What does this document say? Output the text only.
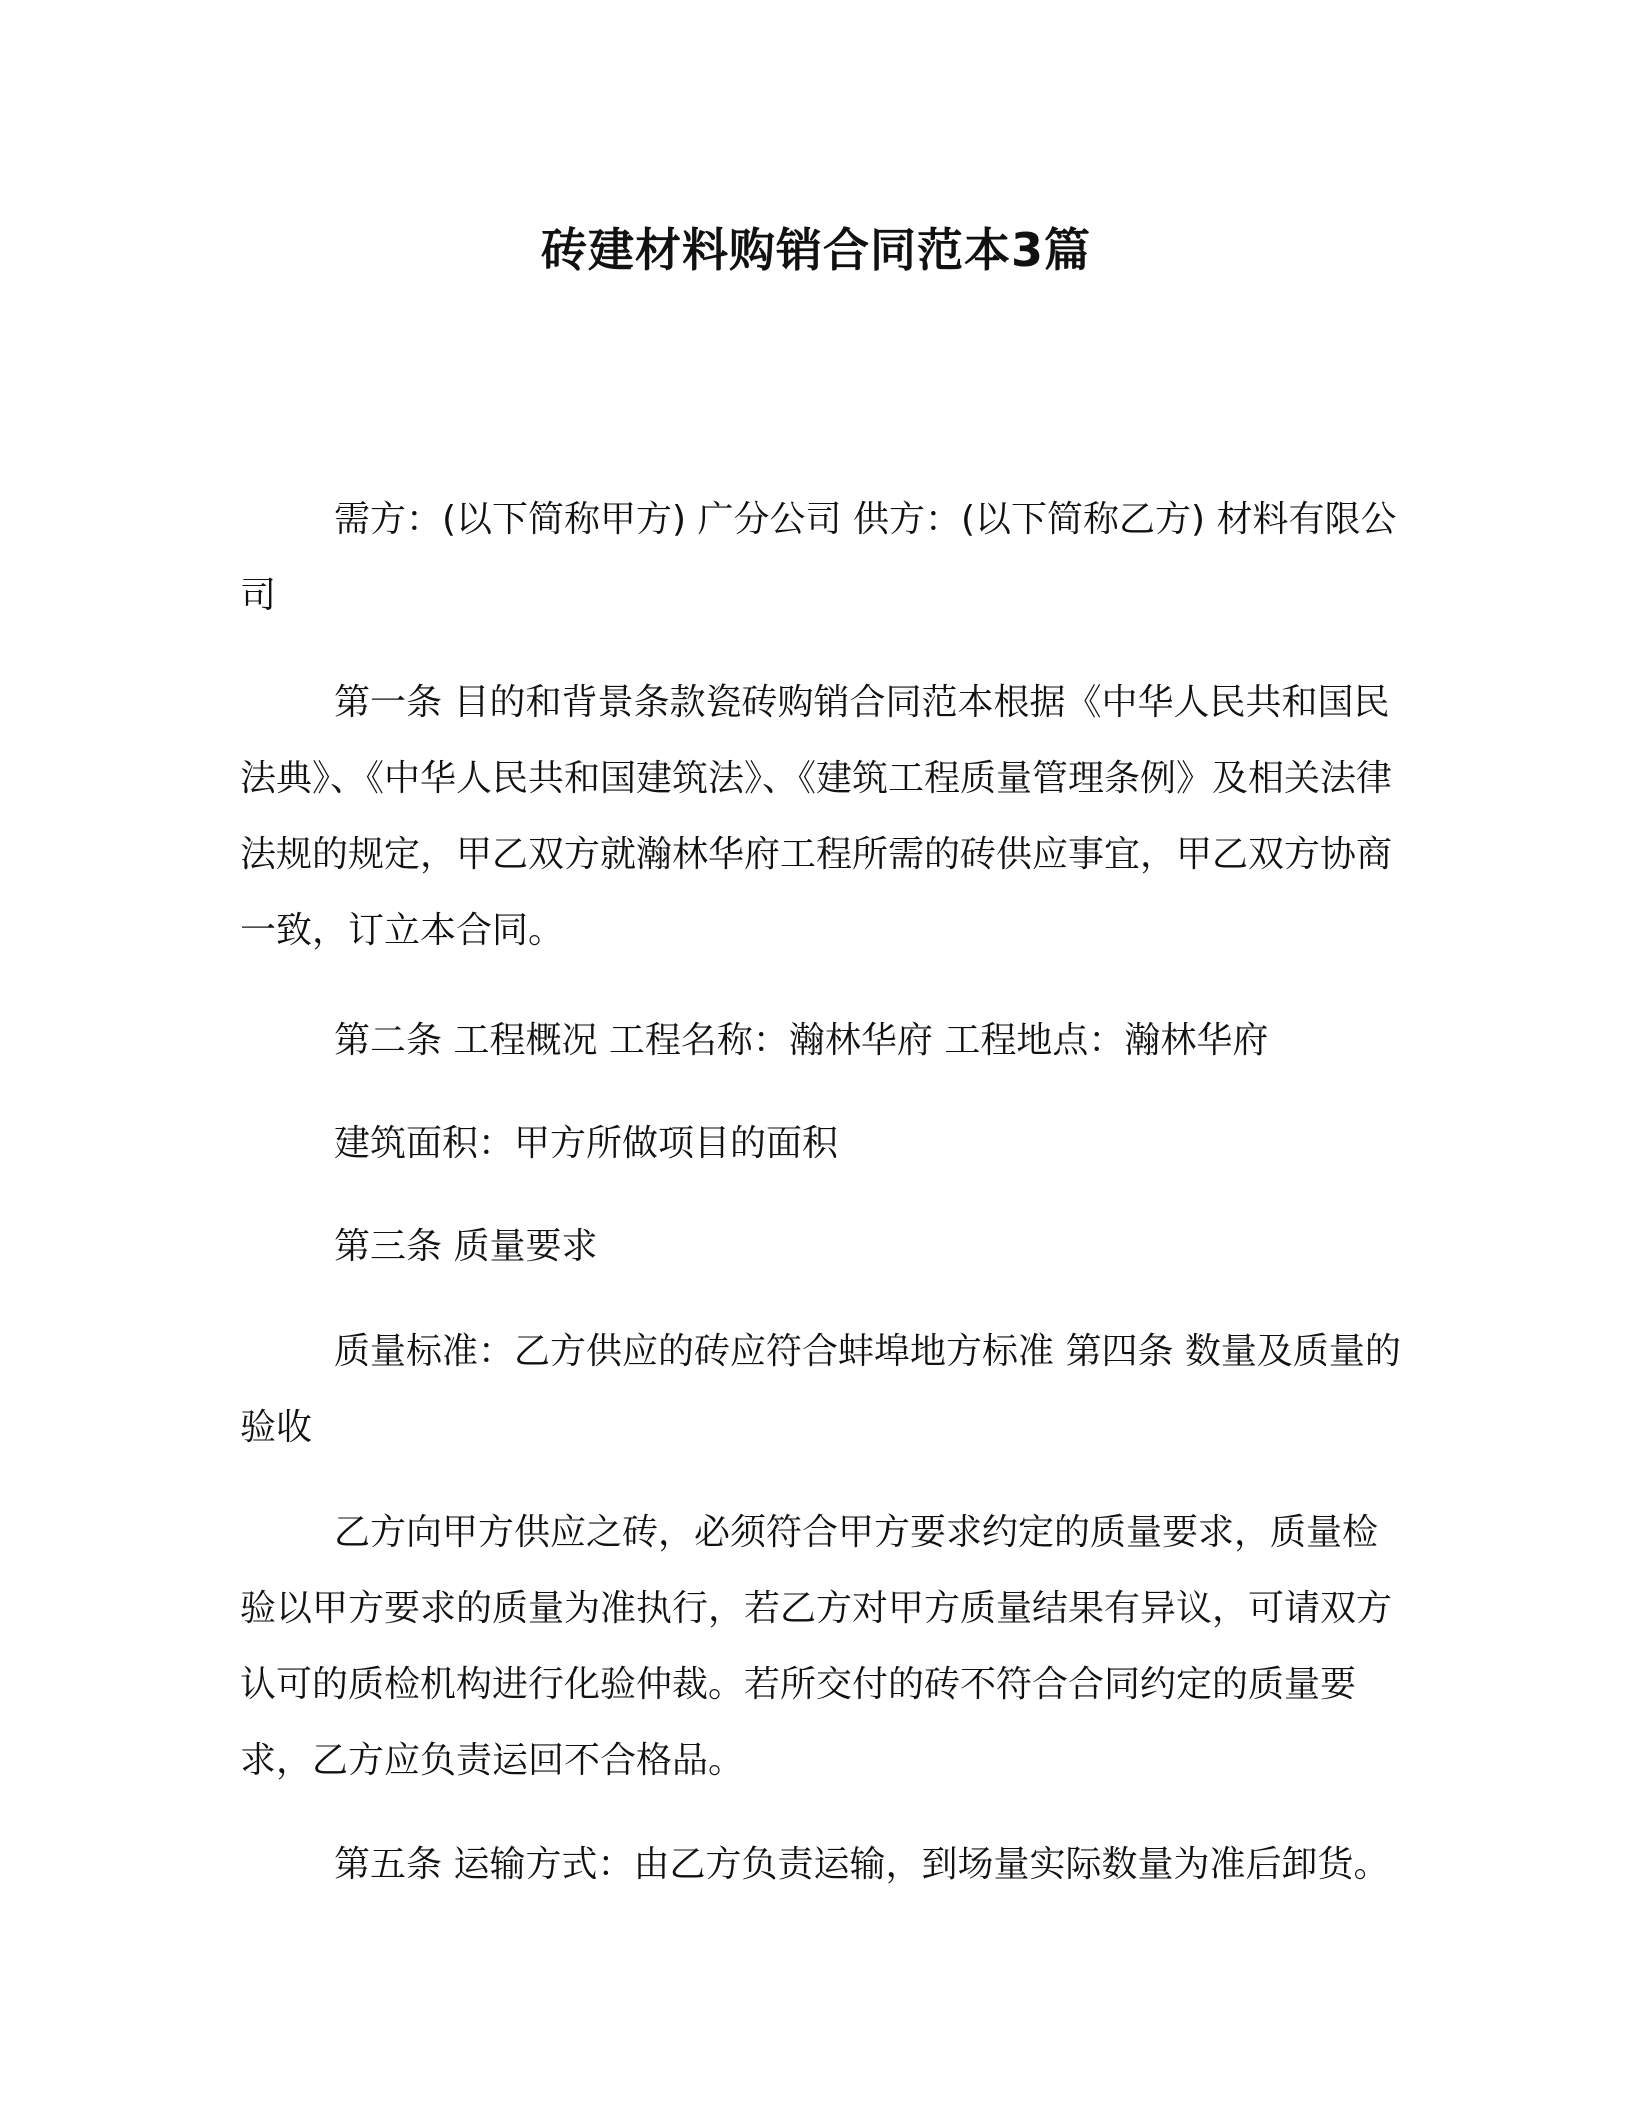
砖建材料购销合同范本3篇

需方：(以下简称甲方) 广分公司 供方：(以下简称乙方) 材料有限公司

第一条 目的和背景条款瓷砖购销合同范本根据《中华人民共和国民法典》、《中华人民共和国建筑法》、《建筑工程质量管理条例》及相关法律法规的规定，甲乙双方就瀚林华府工程所需的砖供应事宜，甲乙双方协商一致，订立本合同。

第二条 工程概况 工程名称：瀚林华府 工程地点：瀚林华府

建筑面积：甲方所做项目的面积

第三条 质量要求

质量标准：乙方供应的砖应符合蚌埠地方标准 第四条 数量及质量的验收

乙方向甲方供应之砖，必须符合甲方要求约定的质量要求，质量检验以甲方要求的质量为准执行，若乙方对甲方质量结果有异议，可请双方认可的质检机构进行化验仲裁。若所交付的砖不符合合同约定的质量要求，乙方应负责运回不合格品。

第五条 运输方式：由乙方负责运输，到场量实际数量为准后卸货。
